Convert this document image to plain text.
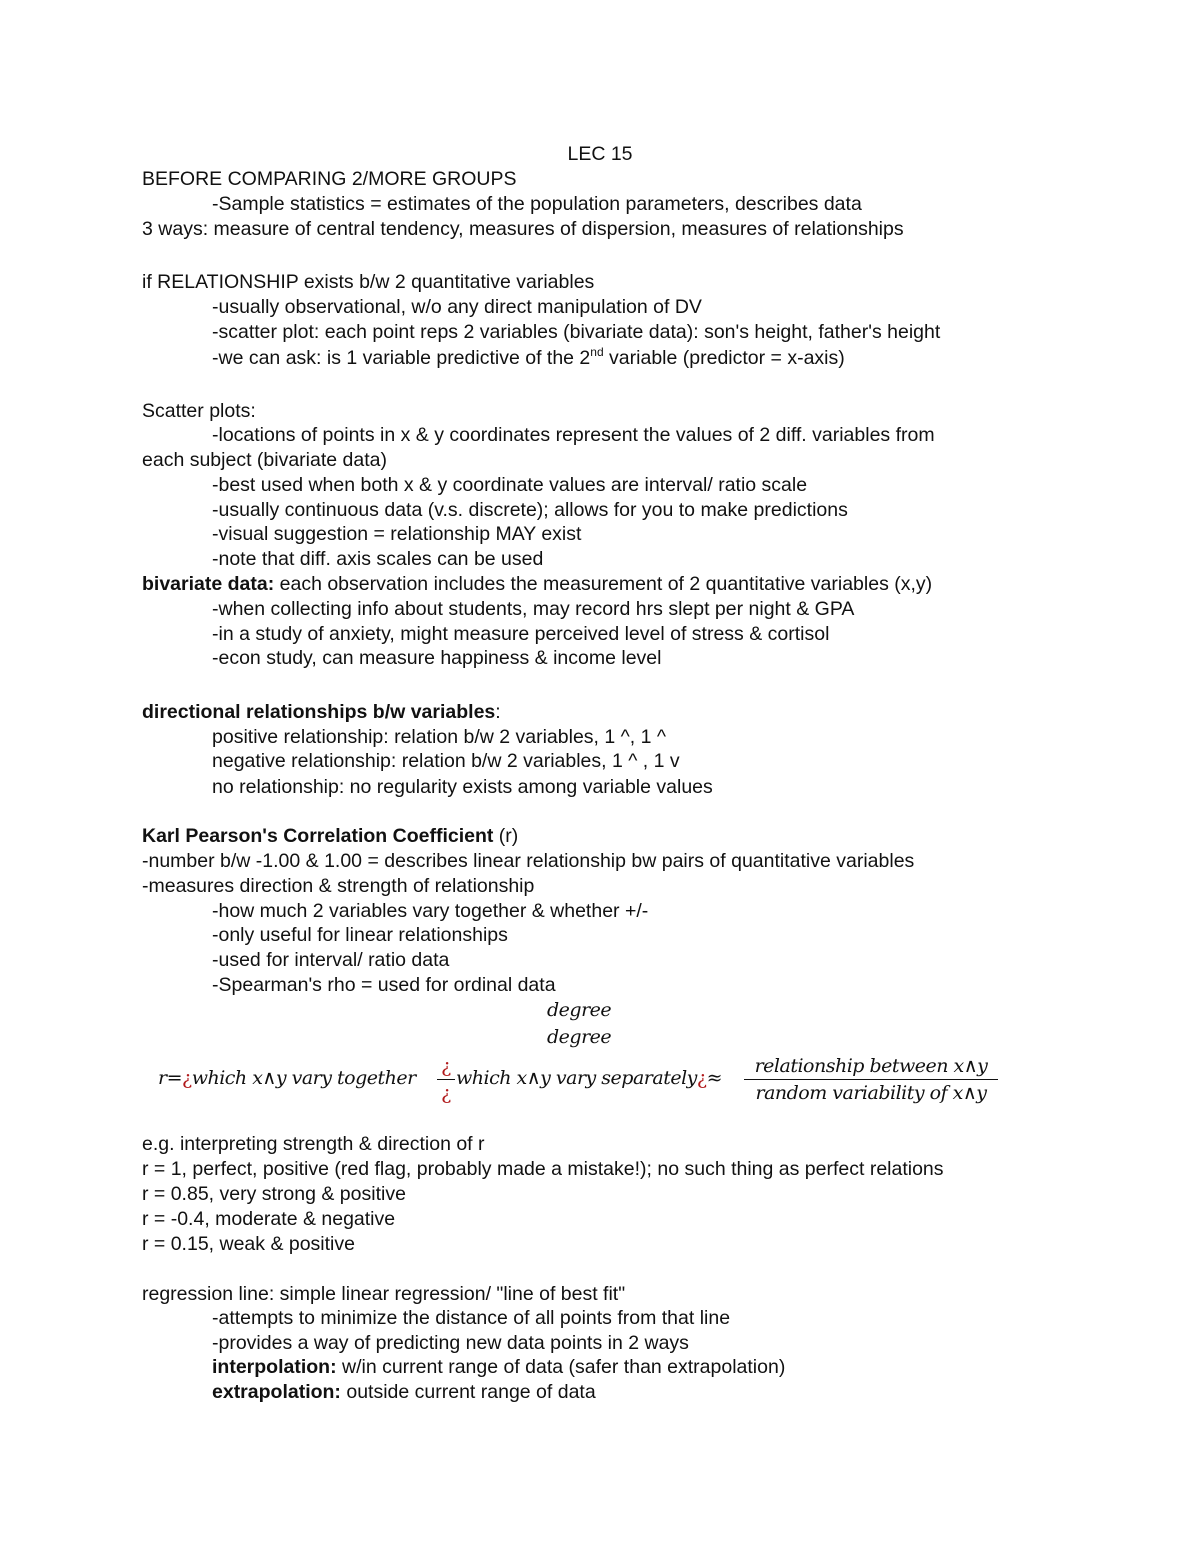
LEC 15
BEFORE COMPARING 2/MORE GROUPS
-Sample statistics = estimates of the population parameters, describes data
3 ways: measure of central tendency, measures of dispersion, measures of relationships
if RELATIONSHIP exists b/w 2 quantitative variables
-usually observational, w/o any direct manipulation of DV
-scatter plot: each point reps 2 variables (bivariate data): son's height, father's height
-we can ask: is 1 variable predictive of the 2nd variable (predictor = x-axis)
Scatter plots:
-locations of points in x & y coordinates represent the values of 2 diff. variables from
each subject (bivariate data)
-best used when both x & y coordinate values are interval/ ratio scale
-usually continuous data (v.s. discrete); allows for you to make predictions
-visual suggestion = relationship MAY exist
-note that diff. axis scales can be used
bivariate data: each observation includes the measurement of 2 quantitative variables (x,y)
-when collecting info about students, may record hrs slept per night & GPA
-in a study of anxiety, might measure perceived level of stress & cortisol
-econ study, can measure happiness & income level
directional relationships b/w variables:
positive relationship: relation b/w 2 variables, 1 ^, 1 ^
negative relationship: relation b/w 2 variables, 1 ^ , 1 v
no relationship: no regularity exists among variable values
Karl Pearson's Correlation Coefficient (r)
-number b/w -1.00 & 1.00 = describes linear relationship bw pairs of quantitative variables
-measures direction & strength of relationship
-how much 2 variables vary together & whether +/-
-only useful for linear relationships
-used for interval/ ratio data
-Spearman's rho = used for ordinal data
degree
degree
r=¿which x∧y vary together
¿
¿
which x∧y vary separately¿≈
relationship between x∧y
random variability of x∧y
e.g. interpreting strength & direction of r
r = 1, perfect, positive (red flag, probably made a mistake!); no such thing as perfect relations
r = 0.85, very strong & positive
r = -0.4, moderate & negative
r = 0.15, weak & positive
regression line: simple linear regression/ "line of best fit"
-attempts to minimize the distance of all points from that line
-provides a way of predicting new data points in 2 ways
interpolation: w/in current range of data (safer than extrapolation)
extrapolation: outside current range of data
